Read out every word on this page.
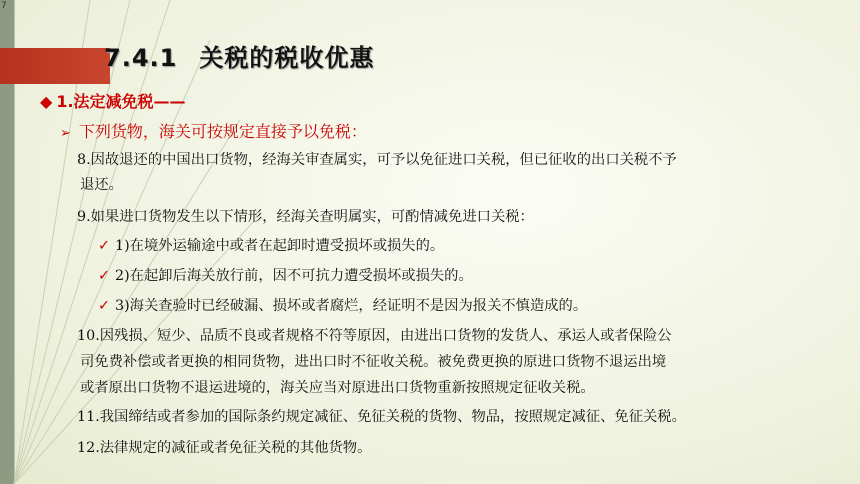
7
7.4.1 关税的税收优惠
◆ 1.法定减免税——
➢ 下列货物，海关可按规定直接予以免税：
8.因故退还的中国出口货物，经海关审查属实，可予以免征进口关税，但已征收的出口关税不予
退还。
9.如果进口货物发生以下情形，经海关查明属实，可酌情减免进口关税：
✓ 1)在境外运输途中或者在起卸时遭受损坏或损失的。
✓ 2)在起卸后海关放行前，因不可抗力遭受损坏或损失的。
✓ 3)海关查验时已经破漏、损坏或者腐烂，经证明不是因为报关不慎造成的。
10.因残损、短少、品质不良或者规格不符等原因，由进出口货物的发货人、承运人或者保险公
司免费补偿或者更换的相同货物，进出口时不征收关税。被免费更换的原进口货物不退运出境
或者原出口货物不退运进境的，海关应当对原进出口货物重新按照规定征收关税。
11.我国缔结或者参加的国际条约规定减征、免征关税的货物、物品，按照规定减征、免征关税。
12.法律规定的减征或者免征关税的其他货物。
